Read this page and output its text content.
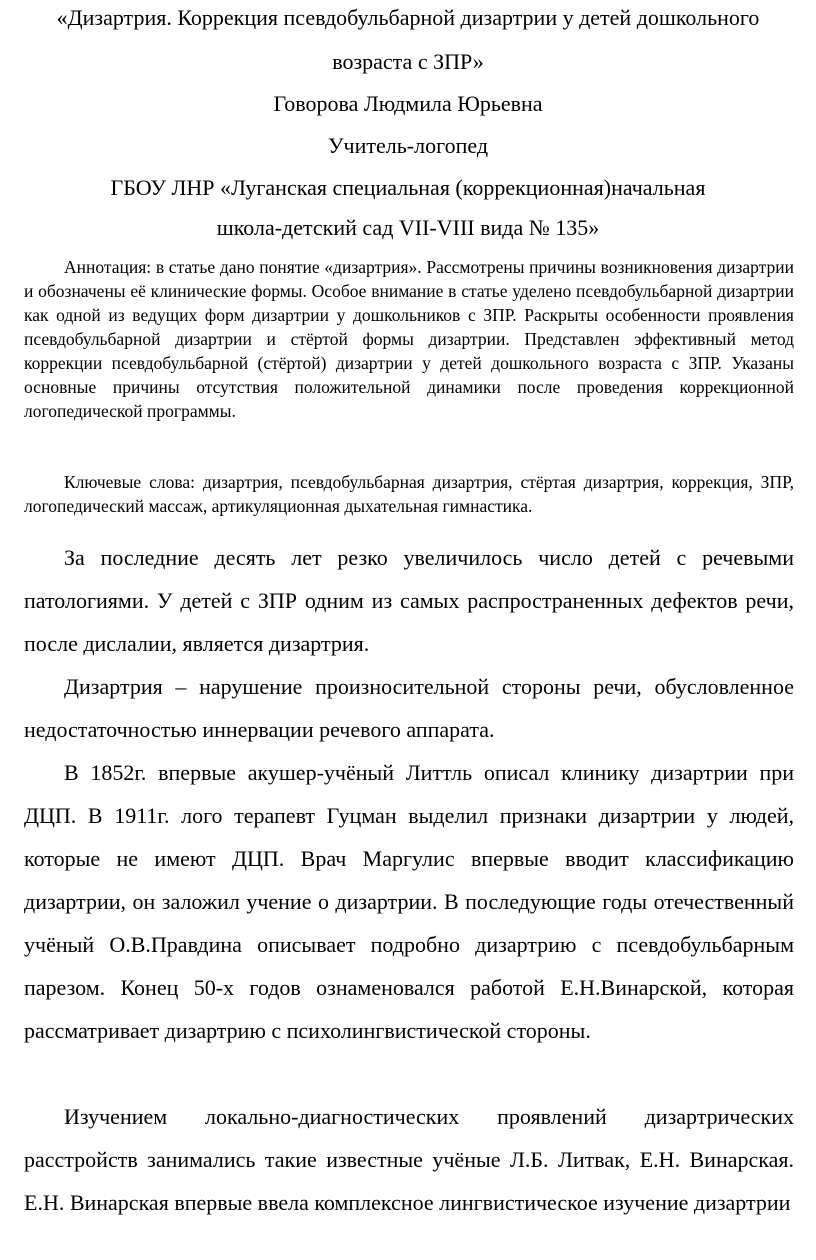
«Дизартрия. Коррекция псевдобульбарной дизартрии у детей дошкольного
возраста с ЗПР»
Говорова Людмила Юрьевна
Учитель-логопед
ГБОУ ЛНР «Луганская специальная (коррекционная)начальная
школа-детский сад VII-VIII вида № 135»

Аннотация: в статье дано понятие «дизартрия». Рассмотрены причины возникновения дизартрии и обозначены её клинические формы. Особое внимание в статье уделено псевдобульбарной дизартрии как одной из ведущих форм дизартрии у дошкольников с ЗПР. Раскрыты особенности проявления псевдобульбарной дизартрии и стёртой формы дизартрии. Представлен эффективный метод коррекции псевдобульбарной (стёртой) дизартрии у детей дошкольного возраста с ЗПР. Указаны основные причины отсутствия положительной динамики после проведения коррекционной логопедической программы.

Ключевые слова: дизартрия, псевдобульбарная дизартрия, стёртая дизартрия, коррекция, ЗПР, логопедический массаж, артикуляционная дыхательная гимнастика.

За последние десять лет резко увеличилось число детей с речевыми патологиями. У детей с ЗПР одним из самых распространенных дефектов речи, после дислалии, является дизартрия.

Дизартрия – нарушение произносительной стороны речи, обусловленное недостаточностью иннервации речевого аппарата.

В 1852г. впервые акушер-учёный Литтль описал клинику дизартрии при ДЦП. В 1911г. лого терапевт Гуцман выделил признаки дизартрии у людей, которые не имеют ДЦП. Врач Маргулис впервые вводит классификацию дизартрии, он заложил учение о дизартрии. В последующие годы отечественный учёный О.В.Правдина описывает подробно дизартрию с псевдобульбарным парезом. Конец 50-х годов ознаменовался работой Е.Н.Винарской, которая рассматривает дизартрию с психолингвистической стороны.

Изучением локально-диагностических проявлений дизартрических расстройств занимались такие известные учёные Л.Б. Литвак, Е.Н. Винарская. Е.Н. Винарская впервые ввела комплексное лингвистическое изучение дизартрии
